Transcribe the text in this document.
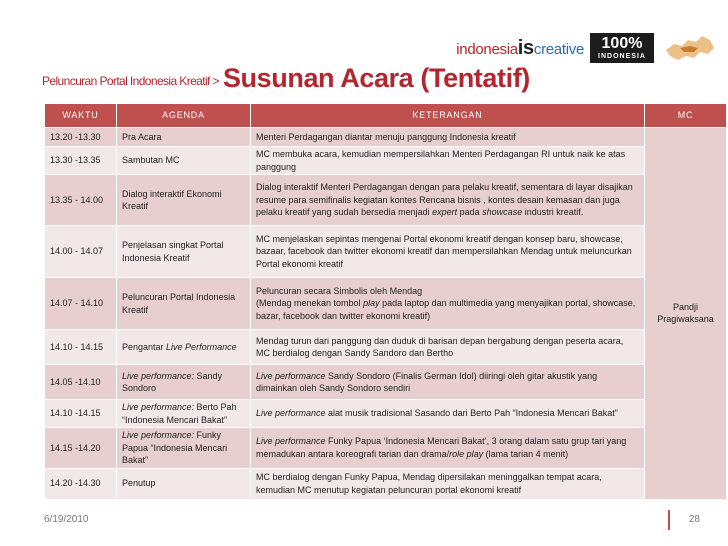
indonesiaiscreative 100%
INDONESIA
Peluncuran Portal Indonesia Kreatif > Susunan Acara (Tentatif)
WAKTU	AGENDA	KETERANGAN	MC
13.20 -13.30	Pra Acara	Menteri Perdagangan diantar menuju panggung Indonesia kreatif	Pandji
Pragiwaksana

13.30 -13.35	Sambutan MC	MC membuka acara, kemudian mempersilahkan Menteri Perdagangan RI untuk naik ke atas panggung	
13.35 - 14.00	Dialog interaktif Ekonomi Kreatif	Dialog interaktif Menteri Perdagangan dengan para pelaku kreatif, sementara di layar disajikan resume para semifinalis kegiatan kontes Rencana bisnis , kontes desain kemasan dan juga pelaku kreatif yang sudah bersedia menjadi expert pada showcase industri kreatif.	
14.00 - 14.07	Penjelasan singkat Portal Indonesia Kreatif	MC menjelaskan sepintas mengenai Portal ekonomi kreatif dengan konsep baru, showcase, bazaar, facebook dan twitter ekonomi kreatif dan mempersilahkan Mendag untuk meluncurkan Portal ekonomi kreatif	
14.07 - 14.10	Peluncuran Portal Indonesia Kreatif	Peluncuran secara Simbolis oleh Mendag
(Mendag menekan tombol play pada laptop dan multimedia yang menyajikan portal, showcase, bazar, facebook dan twitter ekonomi kreatif)	
14.10 - 14.15	Pengantar Live Performance	Mendag turun dari panggung dan duduk di barisan depan bergabung dengan peserta acara, MC berdialog dengan Sandy Sandoro dan Bertho	
14.05 -14.10	Live performance: Sandy Sondoro	Live performance Sandy Sondoro (Finalis German Idol) diiringi oleh gitar akustik yang dimainkan oleh Sandy Sondoro sendiri	
14.10 -14.15	Live performance: Berto Pah “Indonesia Mencari Bakat”	Live performance alat musik tradisional Sasando dari Berto Pah “Indonesia Mencari Bakat”	
14.15 -14.20	Live performance: Funky Papua “Indonesia Mencari Bakat”	Live performance Funky Papua ‘Indonesia Mencari Bakat’, 3 orang dalam satu grup tari yang memadukan antara koreografi tarian dan drama/role play (lama tarian 4 menit)	
14.20 -14.30	Penutup	MC berdialog dengan Funky Papua, Mendag dipersilakan meninggalkan tempat acara, kemudian MC menutup kegiatan peluncuran portal ekonomi kreatif	
6/19/2010	28
